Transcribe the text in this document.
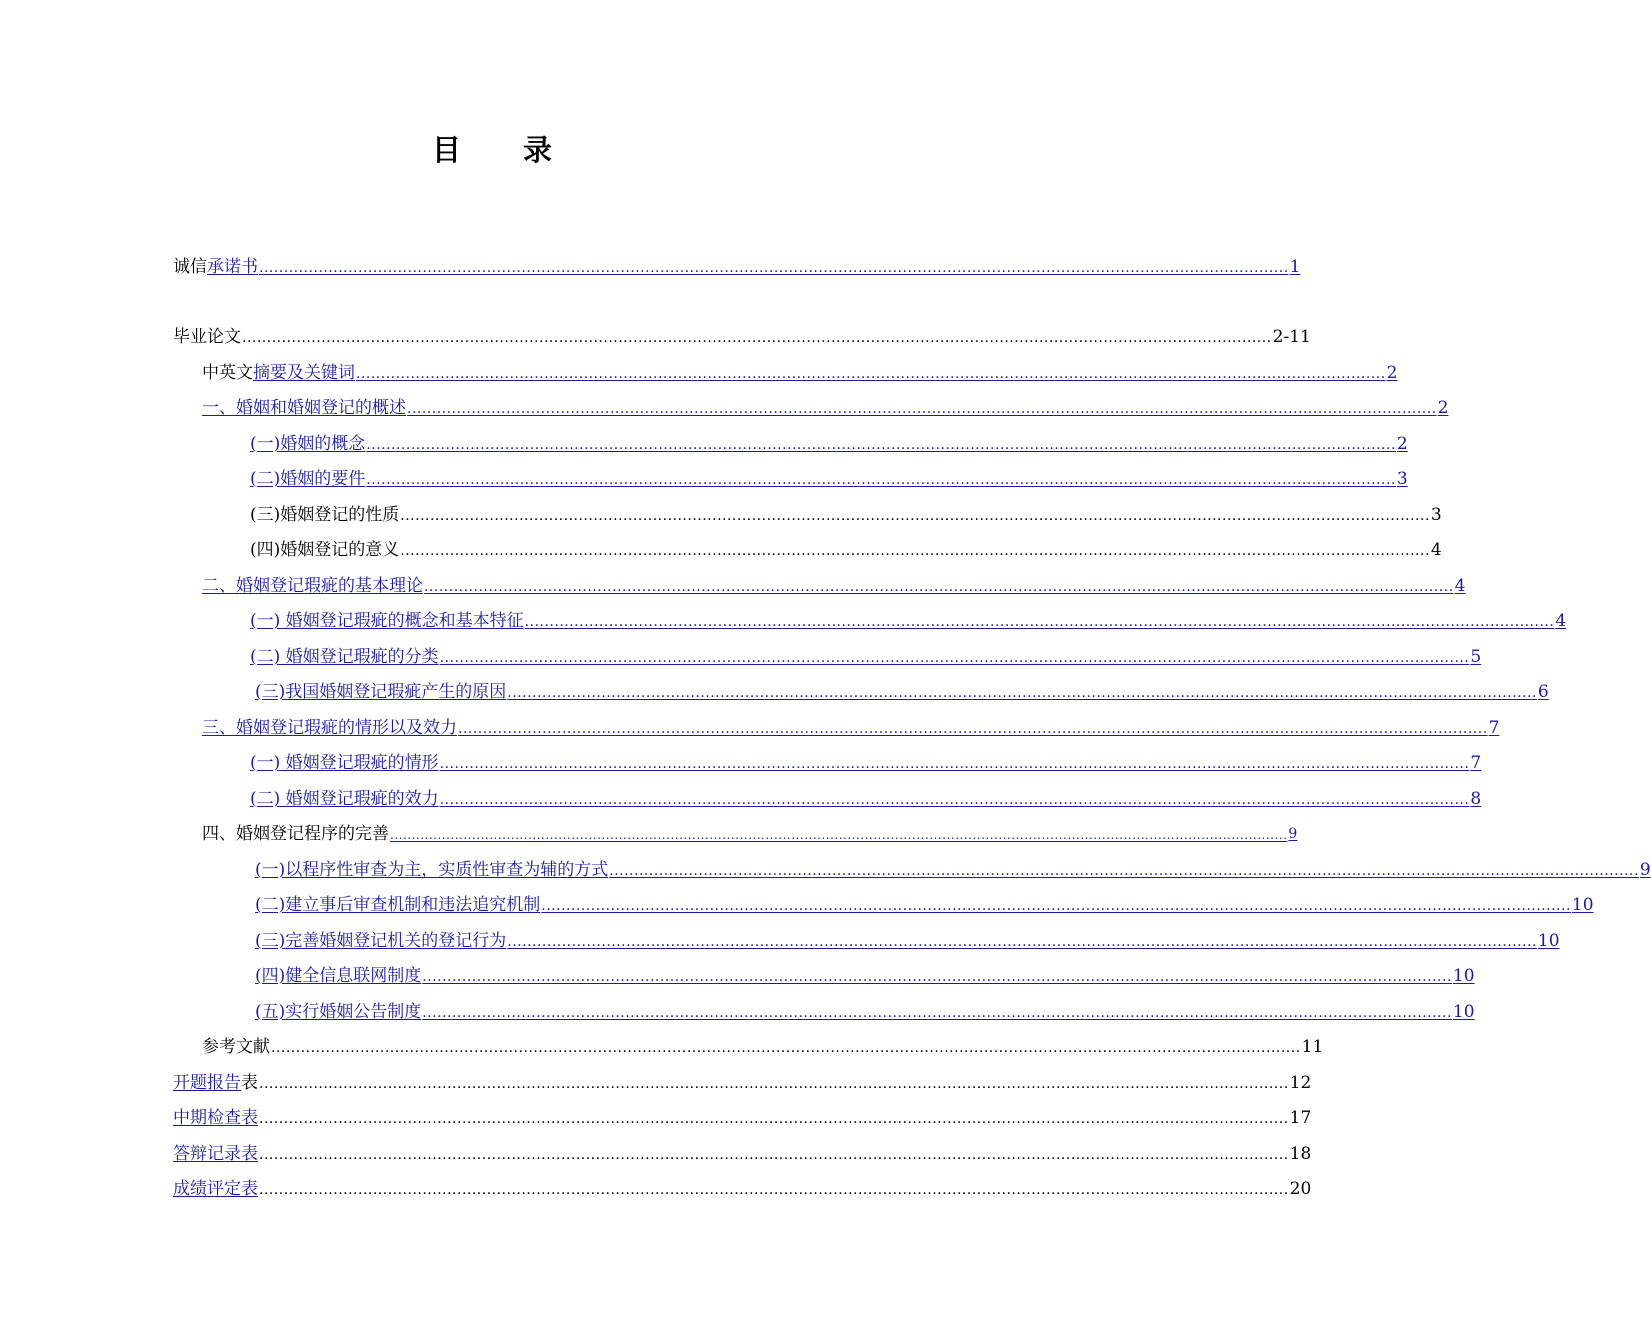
目 录
诚信 承诺书 ................................................................................................................................................................................................................ 1
毕业论文 ................................................................................................................................................................................................................ 2-11
中英文 摘要及关键词 ................................................................................................................................................................................................................ 2
一、婚姻和婚姻登记的概述 ................................................................................................................................................................................................................ 2
(一)婚姻的概念 ................................................................................................................................................................................................................ 2
(二)婚姻的要件 ................................................................................................................................................................................................................ 3
(三)婚姻登记的性质 ................................................................................................................................................................................................................ 3
(四)婚姻登记的意义 ................................................................................................................................................................................................................ 4
二、婚姻登记瑕疵的基本理论 ................................................................................................................................................................................................................ 4
(一) 婚姻登记瑕疵的概念和基本特征 ................................................................................................................................................................................................................ 4
(二) 婚姻登记瑕疵的分类 ................................................................................................................................................................................................................ 5
(三)我国婚姻登记瑕疵产生的原因 ................................................................................................................................................................................................................ 6
三、婚姻登记瑕疵的情形以及效力 ................................................................................................................................................................................................................ 7
(一) 婚姻登记瑕疵的情形 ................................................................................................................................................................................................................ 7
(二) 婚姻登记瑕疵的效力 ................................................................................................................................................................................................................ 8
四、婚姻登记程序的完善 ................................................................................................................................................................................................................ 9
(一)以程序性审查为主，实质性审查为辅的方式 ................................................................................................................................................................................................................ 9
(二)建立事后审查机制和违法追究机制 ................................................................................................................................................................................................................ 10
(三)完善婚姻登记机关的登记行为 ................................................................................................................................................................................................................ 10
(四)健全信息联网制度 ................................................................................................................................................................................................................ 10
(五)实行婚姻公告制度 ................................................................................................................................................................................................................ 10
参考文献 ................................................................................................................................................................................................................ 11
开题报告 表 ................................................................................................................................................................................................................ 12
中期检查表 ................................................................................................................................................................................................................ 17
答辩记录表 ................................................................................................................................................................................................................ 18
成绩评定表 ................................................................................................................................................................................................................ 20
